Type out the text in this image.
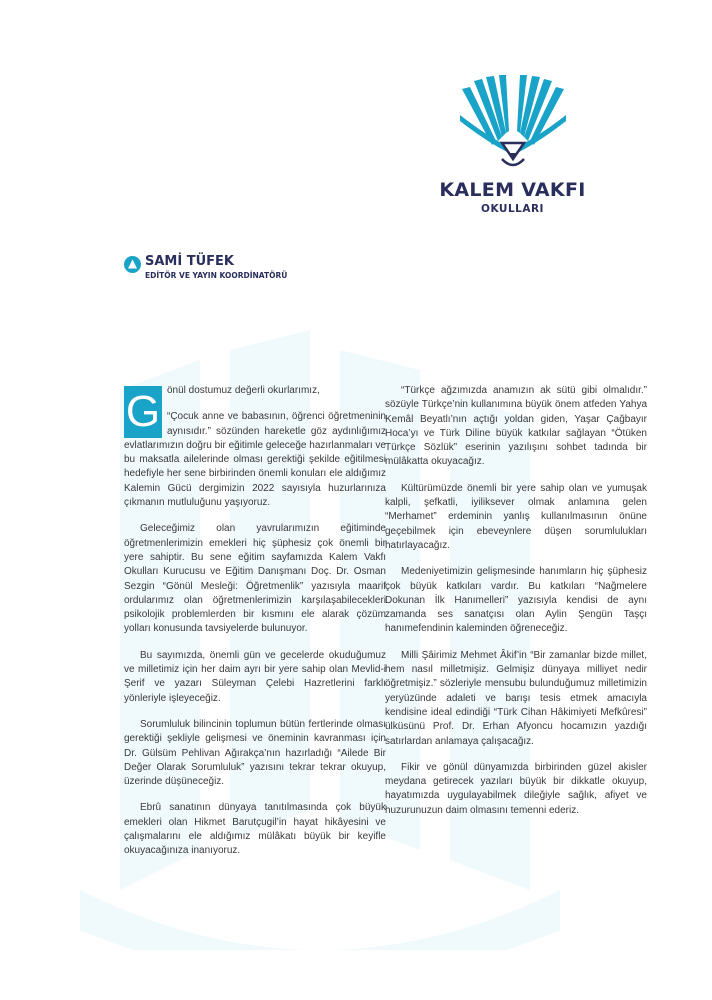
KALEM VAKFI
OKULLARI
SAMİ TÜFEK
EDİTÖR VE YAYIN KOORDİNATÖRÜ

G önül dostumuz değerli okurlarımız,

“Çocuk anne ve babasının, öğrenci öğretmeninin aynısıdır.” sözünden hareketle göz aydınlığımız evlatlarımızın doğru bir eğitimle geleceğe hazırlanmaları ve bu maksatla ailelerinde olması gerektiği şekilde eğitilmesi hedefiyle her sene birbirinden önemli konuları ele aldığımız Kalemin Gücü dergimizin 2022 sayısıyla huzurlarınıza çıkmanın mutluluğunu yaşıyoruz.

Geleceğimiz olan yavrularımızın eğitiminde öğretmenlerimizin emekleri hiç şüphesiz çok önemli bir yere sahiptir. Bu sene eğitim sayfamızda Kalem Vakfı Okulları Kurucusu ve Eğitim Danışmanı Doç. Dr. Osman Sezgin “Gönül Mesleği: Öğretmenlik” yazısıyla maarif ordularımız olan öğretmenlerimizin karşılaşabilecekleri psikolojik problemlerden bir kısmını ele alarak çözüm yolları konusunda tavsiyelerde bulunuyor.

Bu sayımızda, önemli gün ve gecelerde okuduğumuz ve milletimiz için her daim ayrı bir yere sahip olan Mevlid-i Şerif ve yazarı Süleyman Çelebi Hazretlerini farklı yönleriyle işleyeceğiz.

Sorumluluk bilincinin toplumun bütün fertlerinde olması gerektiği şekliyle gelişmesi ve öneminin kavranması için Dr. Gülsüm Pehlivan Ağırakça’nın hazırladığı “Ailede Bir Değer Olarak Sorumluluk” yazısını tekrar tekrar okuyup, üzerinde düşüneceğiz.

Ebrû sanatının dünyaya tanıtılmasında çok büyük emekleri olan Hikmet Barutçugil’in hayat hikâyesini ve çalışmalarını ele aldığımız mülâkatı büyük bir keyifle okuyacağınıza inanıyoruz.

“Türkçe ağzımızda anamızın ak sütü gibi olmalıdır.” sözüyle Türkçe’nin kullanımına büyük önem atfeden Yahya Kemâl Beyatlı’nın açtığı yoldan giden, Yaşar Çağbayır Hoca’yı ve Türk Diline büyük katkılar sağlayan “Ötüken Türkçe Sözlük” eserinin yazılışını sohbet tadında bir mülâkatta okuyacağız.

Kültürümüzde önemli bir yere sahip olan ve yumuşak kalpli, şefkatli, iyiliksever olmak anlamına gelen “Merhamet” erdeminin yanlış kullanılmasının önüne geçebilmek için ebeveynlere düşen sorumlulukları hatırlayacağız.

Medeniyetimizin gelişmesinde hanımların hiç şüphesiz çok büyük katkıları vardır. Bu katkıları “Nağmelere Dokunan İlk Hanımelleri” yazısıyla kendisi de aynı zamanda ses sanatçısı olan Aylin Şengün Taşçı hanımefendinin kaleminden öğreneceğiz.

Milli Şâirimiz Mehmet Âkif’in “Bir zamanlar bizde millet, hem nasıl milletmişiz. Gelmişiz dünyaya milliyet nedir öğretmişiz.” sözleriyle mensubu bulunduğumuz milletimizin yeryüzünde adaleti ve barışı tesis etmek amacıyla kendisine ideal edindiği “Türk Cihan Hâkimiyeti Mefkûresi” ülküsünü Prof. Dr. Erhan Afyoncu hocamızın yazdığı satırlardan anlamaya çalışacağız.

Fikir ve gönül dünyamızda birbirinden güzel akisler meydana getirecek yazıları büyük bir dikkatle okuyup, hayatımızda uygulayabilmek dileğiyle sağlık, afiyet ve huzurunuzun daim olmasını temenni ederiz.
